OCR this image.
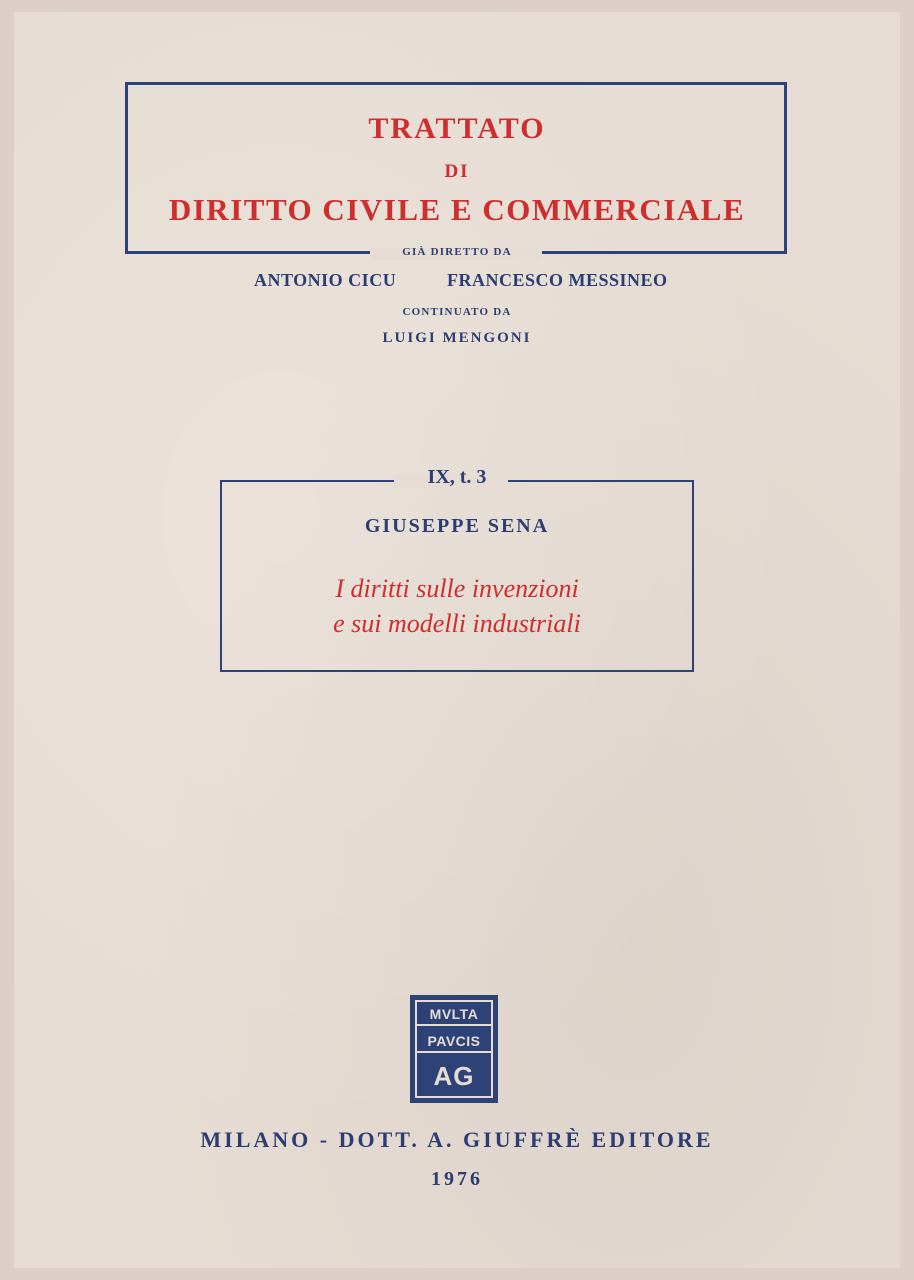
TRATTATO
DI
DIRITTO CIVILE E COMMERCIALE
GIÀ DIRETTO DA
ANTONIO CICU	FRANCESCO MESSINEO
CONTINUATO DA
LUIGI MENGONI
IX, t. 3
GIUSEPPE SENA
I diritti sulle invenzioni
e sui modelli industriali
MVLTA
PAVCIS
AG
MILANO - DOTT. A. GIUFFRÈ EDITORE
1976
